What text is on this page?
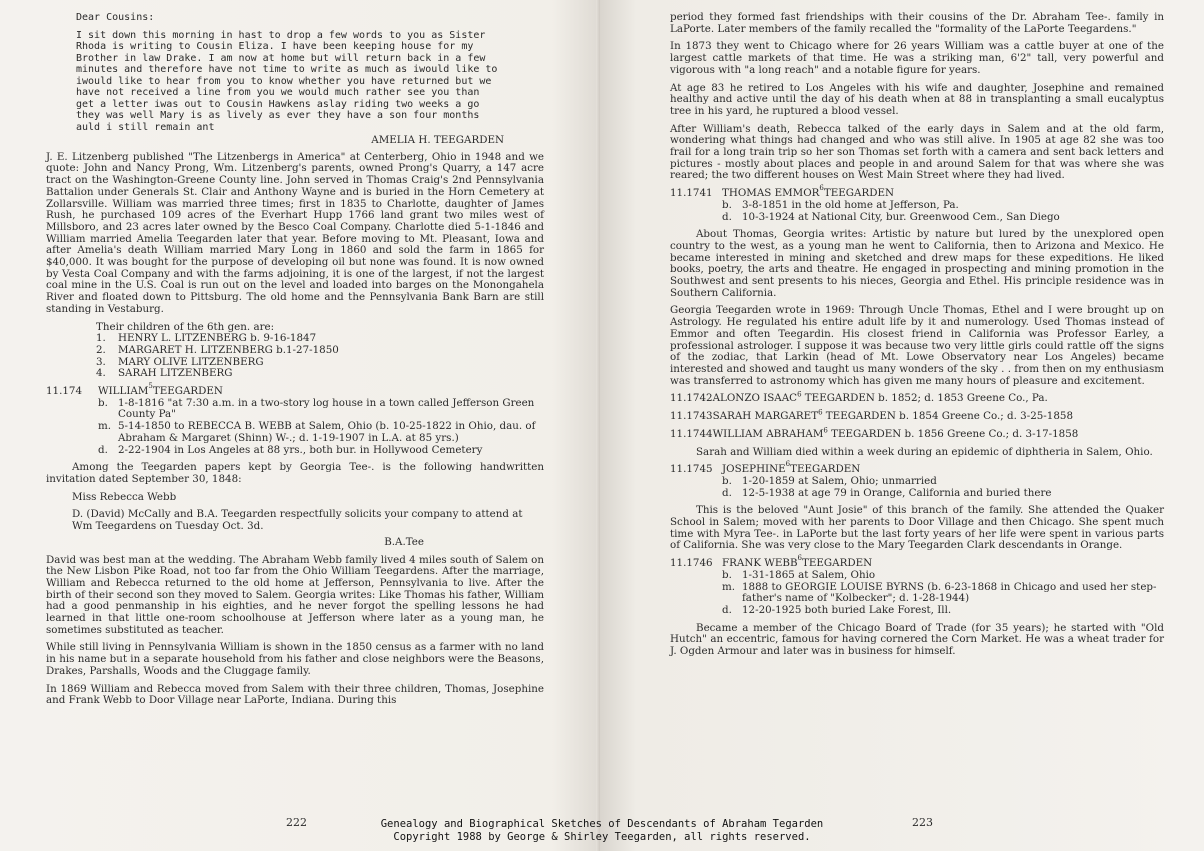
Dear Cousins:

I sit down this morning in hast to drop a few words to you as Sister
Rhoda is writing to Cousin Eliza. I have been keeping house for my
Brother in law Drake. I am now at home but will return back in a few
minutes and therefore have not time to write as much as iwould like to
iwould like to hear from you to know whether you have returned but we
have not received a line from you we would much rather see you than
get a letter iwas out to Cousin Hawkens aslay riding two weeks a go
they was well Mary is as lively as ever they have a son four months
auld i still remain ant
AMELIA H. TEEGARDEN

J. E. Litzenberg published "The Litzenbergs in America" at Centerberg, Ohio in 1948 and we quote: John and Nancy Prong, Wm. Litzenberg's parents, owned Prong's Quarry, a 147 acre tract on the Washington-Greene County line. John served in Thomas Craig's 2nd Pennsylvania Battalion under Generals St. Clair and Anthony Wayne and is buried in the Horn Cemetery at Zollarsville. William was married three times; first in 1835 to Charlotte, daughter of James Rush, he purchased 109 acres of the Everhart Hupp 1766 land grant two miles west of Millsboro, and 23 acres later owned by the Besco Coal Company. Charlotte died 5-1-1846 and William married Amelia Teegarden later that year. Before moving to Mt. Pleasant, Iowa and after Amelia's death William married Mary Long in 1860 and sold the farm in 1865 for $40,000. It was bought for the purpose of developing oil but none was found. It is now owned by Vesta Coal Company and with the farms adjoining, it is one of the largest, if not the largest coal mine in the U.S. Coal is run out on the level and loaded into barges on the Monongahela River and floated down to Pittsburg. The old home and the Pennsylvania Bank Barn are still standing in Vestaburg.

Their children of the 6th gen. are:
1.	HENRY L. LITZENBERG b. 9-16-1847
2.	MARGARET H. LITZENBERG b.1-27-1850
3.	MARY OLIVE LITZENBERG
4.	SARAH LITZENBERG
11.174	WILLIAM 5 TEEGARDEN
b. 1-8-1816 "at 7:30 a.m. in a two-story log house in a town called Jefferson Green County Pa"
m. 5-14-1850 to REBECCA B. WEBB at Salem, Ohio (b. 10-25-1822 in Ohio, dau. of Abraham & Margaret (Shinn) W-.; d. 1-19-1907 in L.A. at 85 yrs.)
d. 2-22-1904 in Los Angeles at 88 yrs., both bur. in Hollywood Cemetery

Among the Teegarden papers kept by Georgia Tee-. is the following handwritten invitation dated September 30, 1848:

Miss Rebecca Webb

D. (David) McCally and B.A. Teegarden respectfully solicits your company to attend at Wm Teegardens on Tuesday Oct. 3d.

B.A.Tee

David was best man at the wedding. The Abraham Webb family lived 4 miles south of Salem on the New Lisbon Pike Road, not too far from the Ohio William Teegardens. After the marriage, William and Rebecca returned to the old home at Jefferson, Pennsylvania to live. After the birth of their second son they moved to Salem. Georgia writes: Like Thomas his father, William had a good penmanship in his eighties, and he never forgot the spelling lessons he had learned in that little one-room schoolhouse at Jefferson where later as a young man, he sometimes substituted as teacher.

While still living in Pennsylvania William is shown in the 1850 census as a farmer with no land in his name but in a separate household from his father and close neighbors were the Beasons, Drakes, Parshalls, Woods and the Cluggage family.

In 1869 William and Rebecca moved from Salem with their three children, Thomas, Josephine and Frank Webb to Door Village near LaPorte, Indiana. During this

222

period they formed fast friendships with their cousins of the Dr. Abraham Tee-. family in LaPorte. Later members of the family recalled the "formality of the LaPorte Teegardens."

In 1873 they went to Chicago where for 26 years William was a cattle buyer at one of the largest cattle markets of that time. He was a striking man, 6'2" tall, very powerful and vigorous with "a long reach" and a notable figure for years.

At age 83 he retired to Los Angeles with his wife and daughter, Josephine and remained healthy and active until the day of his death when at 88 in transplanting a small eucalyptus tree in his yard, he ruptured a blood vessel.

After William's death, Rebecca talked of the early days in Salem and at the old farm, wondering what things had changed and who was still alive. In 1905 at age 82 she was too frail for a long train trip so her son Thomas set forth with a camera and sent back letters and pictures - mostly about places and people in and around Salem for that was where she was reared; the two different houses on West Main Street where they had lived.

11.1741 THOMAS EMMOR 6 TEEGARDEN
b. 3-8-1851 in the old home at Jefferson, Pa.
d. 10-3-1924 at National City, bur. Greenwood Cem., San Diego

About Thomas, Georgia writes: Artistic by nature but lured by the unexplored open country to the west, as a young man he went to California, then to Arizona and Mexico. He became interested in mining and sketched and drew maps for these expeditions. He liked books, poetry, the arts and theatre. He engaged in prospecting and mining promotion in the Southwest and sent presents to his nieces, Georgia and Ethel. His principle residence was in Southern California.

Georgia Teegarden wrote in 1969: Through Uncle Thomas, Ethel and I were brought up on Astrology. He regulated his entire adult life by it and numerology. Used Thomas instead of Emmor and often Teegardin. His closest friend in California was Professor Earley, a professional astrologer. I suppose it was because two very little girls could rattle off the signs of the zodiac, that Larkin (head of Mt. Lowe Observatory near Los Angeles) became interested and showed and taught us many wonders of the sky . . from then on my enthusiasm was transferred to astronomy which has given me many hours of pleasure and excitement.

11.1742ALONZO ISAAC$^6$ TEEGARDEN b. 1852; d. 1853 Greene Co., Pa.
11.1743SARAH MARGARET$^6$ TEEGARDEN b. 1854 Greene Co.; d. 3-25-1858
11.1744WILLIAM ABRAHAM$^6$ TEEGARDEN b. 1856 Greene Co.; d. 3-17-1858

Sarah and William died within a week during an epidemic of diphtheria in Salem, Ohio.

11.1745 JOSEPHINE 6 TEEGARDEN
b. 1-20-1859 at Salem, Ohio; unmarried
d. 12-5-1938 at age 79 in Orange, California and buried there

This is the beloved "Aunt Josie" of this branch of the family. She attended the Quaker School in Salem; moved with her parents to Door Village and then Chicago. She spent much time with Myra Tee-. in LaPorte but the last forty years of her life were spent in various parts of California. She was very close to the Mary Teegarden Clark descendants in Orange.

11.1746 FRANK WEBB 6 TEEGARDEN
b. 1-31-1865 at Salem, Ohio
m. 1888 to GEORGIE LOUISE BYRNS (b. 6-23-1868 in Chicago and used her step-father's name of "Kolbecker"; d. 1-28-1944)
d. 12-20-1925 both buried Lake Forest, Ill.

Became a member of the Chicago Board of Trade (for 35 years); he started with "Old Hutch" an eccentric, famous for having cornered the Corn Market. He was a wheat trader for J. Ogden Armour and later was in business for himself.

223
Genealogy and Biographical Sketches of Descendants of Abraham Tegarden
Copyright 1988 by George & Shirley Teegarden, all rights reserved.
